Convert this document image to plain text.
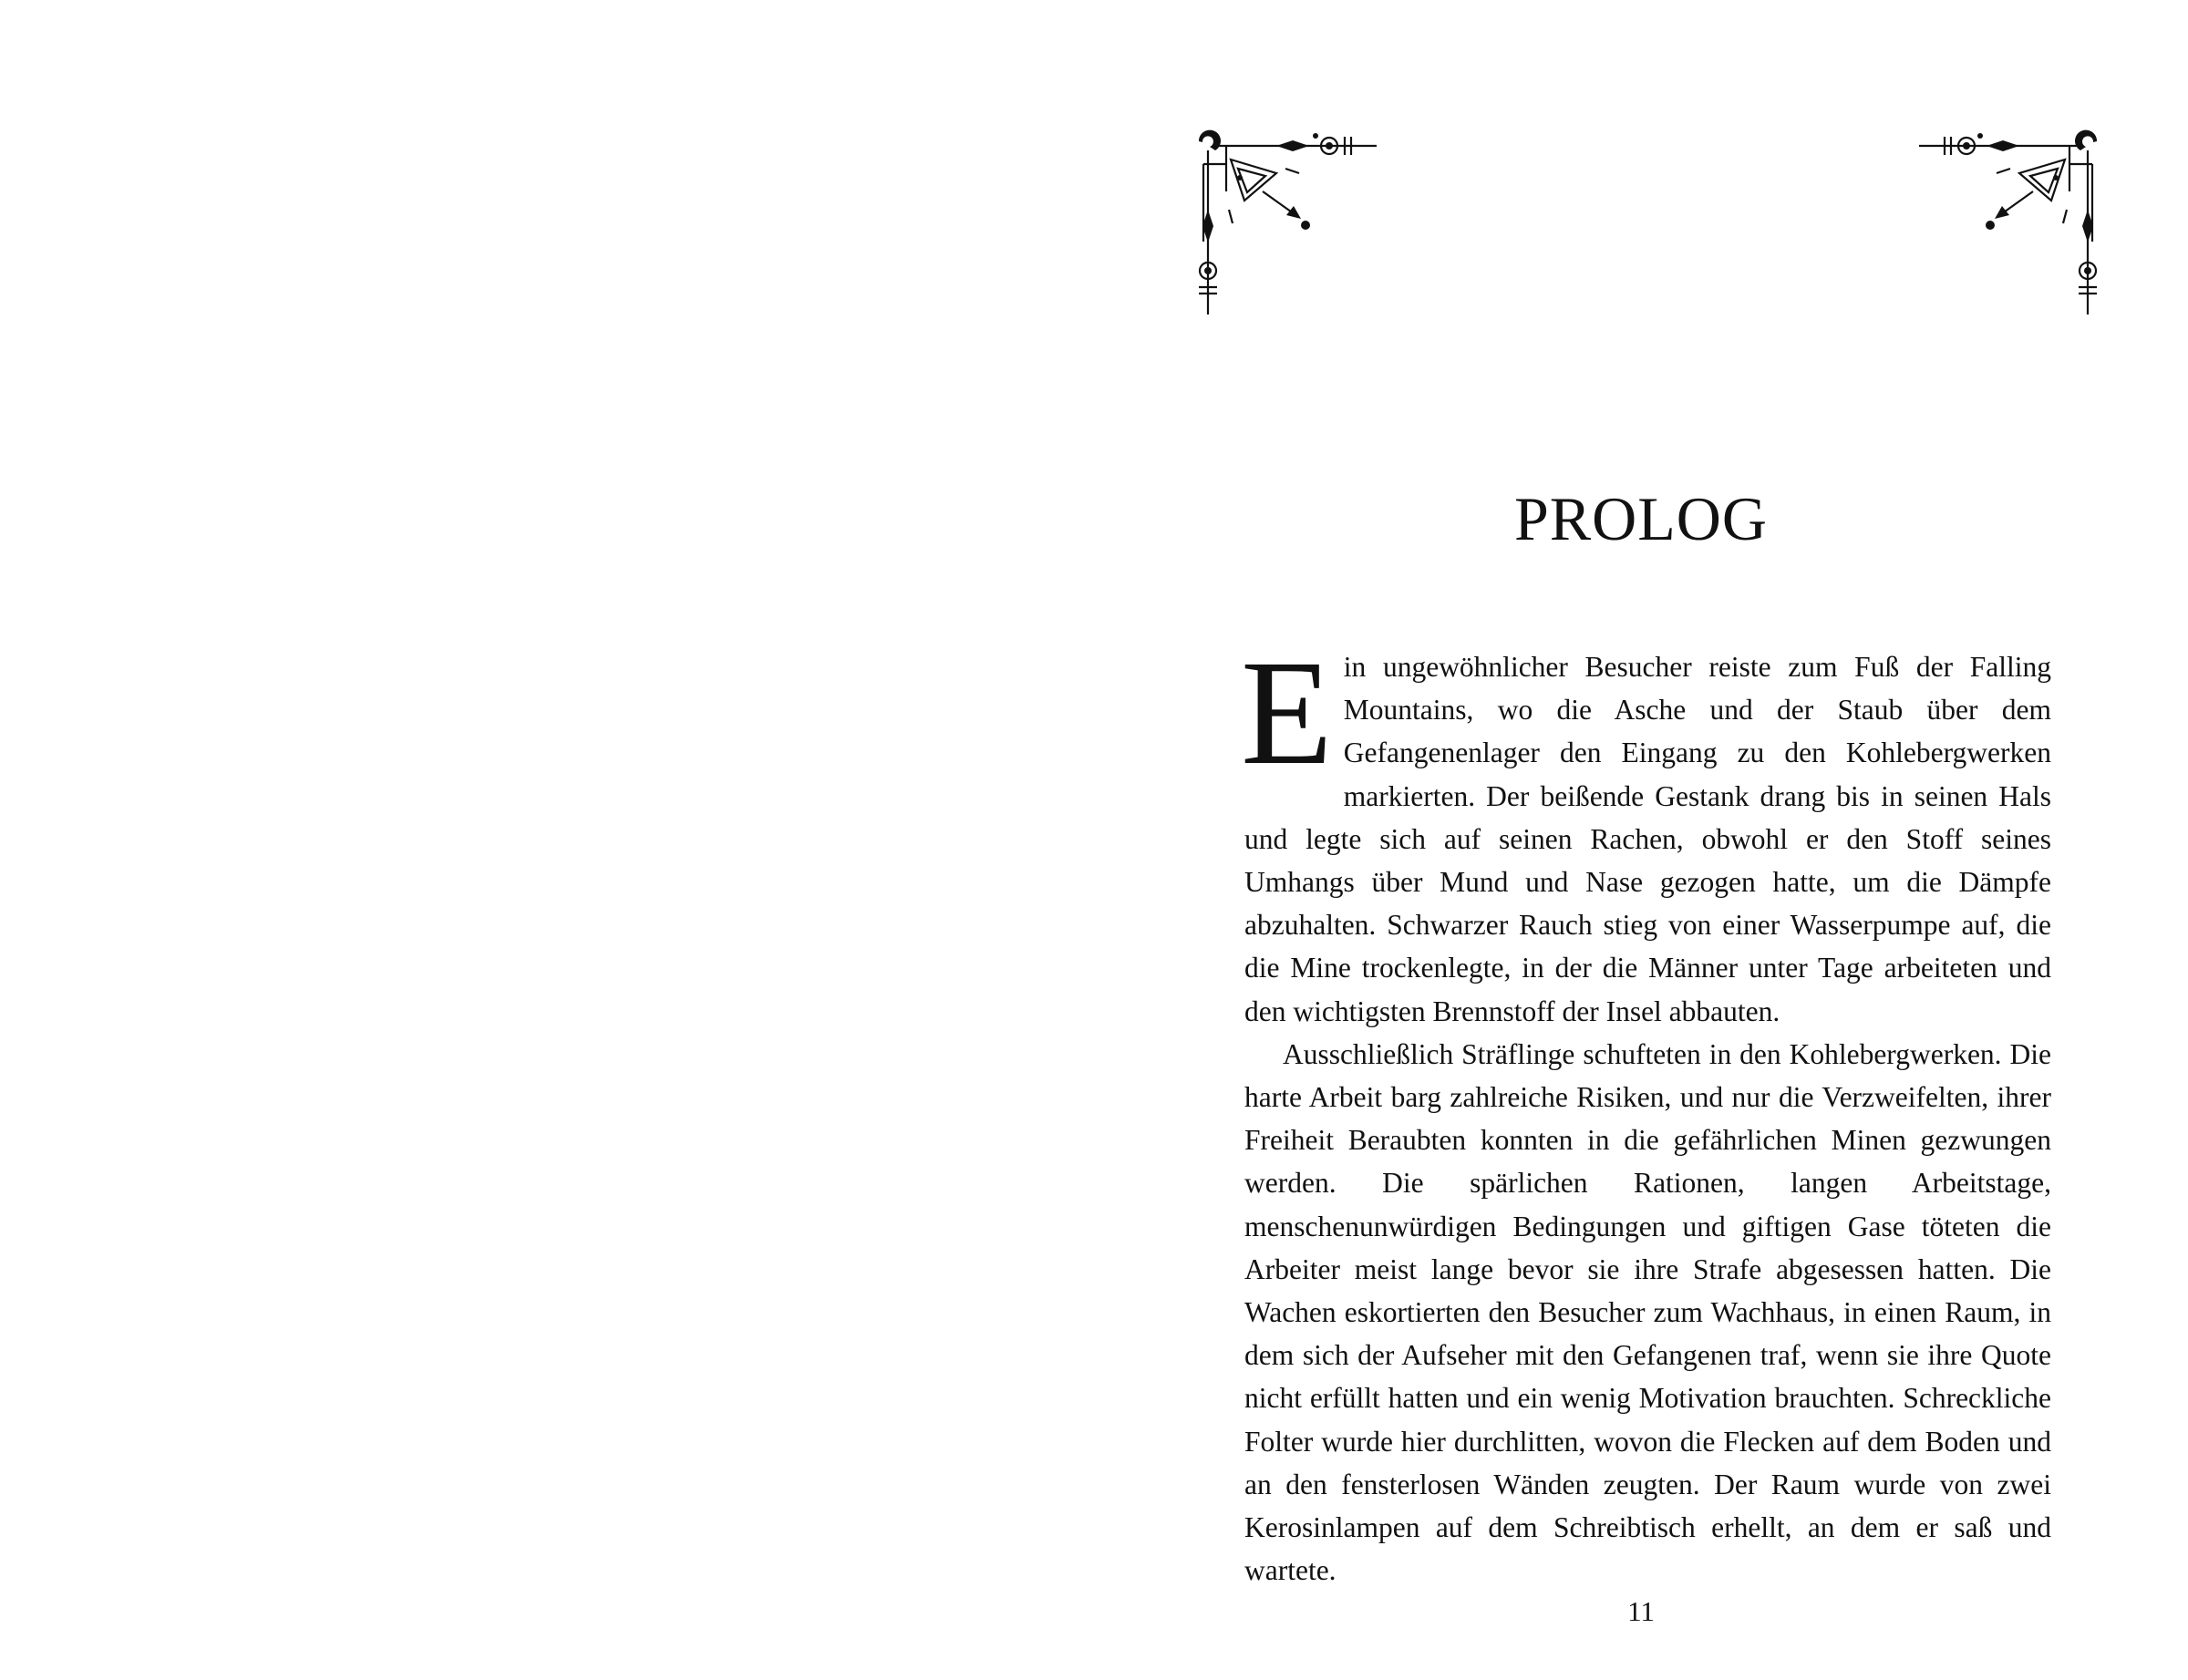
PROLOG

E in ungewöhnlicher Besucher reiste zum Fuß der Falling Mountains, wo die Asche und der Staub über dem Gefangenenlager den Eingang zu den Kohlebergwerken markierten. Der beißende Gestank drang bis in seinen Hals und legte sich auf seinen Rachen, obwohl er den Stoff seines Umhangs über Mund und Nase gezogen hatte, um die Dämpfe abzuhalten. Schwarzer Rauch stieg von einer Wasserpumpe auf, die die Mine trockenlegte, in der die Männer unter Tage arbeiteten und den wichtigsten Brennstoff der Insel abbauten.

Ausschließlich Sträflinge schufteten in den Kohlebergwerken. Die harte Arbeit barg zahlreiche Risiken, und nur die Verzweifelten, ihrer Freiheit Beraubten konnten in die gefährlichen Minen gezwungen werden. Die spärlichen Rationen, langen Arbeitstage, menschenunwürdigen Bedingungen und giftigen Gase töteten die Arbeiter meist lange bevor sie ihre Strafe abgesessen hatten. Die Wachen eskortierten den Besucher zum Wachhaus, in einen Raum, in dem sich der Aufseher mit den Gefangenen traf, wenn sie ihre Quote nicht erfüllt hatten und ein wenig Motivation brauchten. Schreckliche Folter wurde hier durchlitten, wovon die Flecken auf dem Boden und an den fensterlosen Wänden zeugten. Der Raum wurde von zwei Kerosinlampen auf dem Schreibtisch erhellt, an dem er saß und wartete.

11
